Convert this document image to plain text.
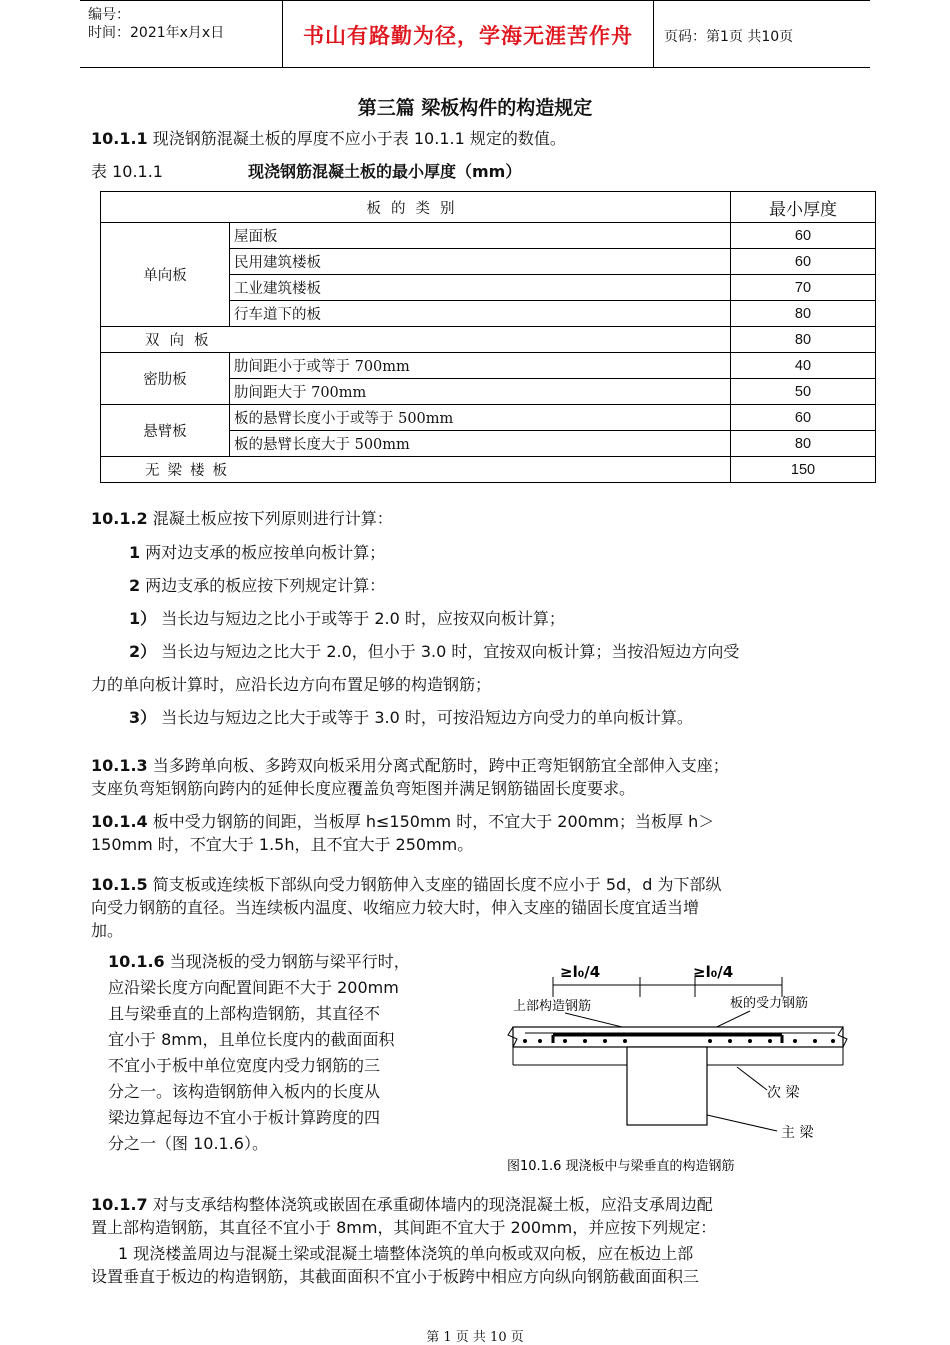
编号：
时间：2021年x月x日	书山有路勤为径，学海无涯苦作舟	页码：第1页 共10页
第三篇 梁板构件的构造规定
10.1.1 现浇钢筋混凝土板的厚度不应小于表 10.1.1 规定的数值。
表 10.1.1	现浇钢筋混凝土板的最小厚度（mm）
板的类别		最小厚度
单向板	屋面板	60
	民用建筑楼板	60
	工业建筑楼板	70
	行车道下的板	80
双向板		80
密肋板	肋间距小于或等于 700mm	40
	肋间距大于 700mm	50
悬臂板	板的悬臂长度小于或等于 500mm	60
	板的悬臂长度大于 500mm	80
无梁楼板		150
10.1.2 混凝土板应按下列原则进行计算：
1 两对边支承的板应按单向板计算；
2 两边支承的板应按下列规定计算：
1） 当长边与短边之比小于或等于 2.0 时，应按双向板计算；
2） 当长边与短边之比大于 2.0，但小于 3.0 时，宜按双向板计算；当按沿短边方向受
力的单向板计算时，应沿长边方向布置足够的构造钢筋；
3） 当长边与短边之比大于或等于 3.0 时，可按沿短边方向受力的单向板计算。
10.1.3 当多跨单向板、多跨双向板采用分离式配筋时，跨中正弯矩钢筋宜全部伸入支座；
支座负弯矩钢筋向跨内的延伸长度应覆盖负弯矩图并满足钢筋锚固长度要求。
10.1.4 板中受力钢筋的间距，当板厚 h≤150mm 时，不宜大于 200mm；当板厚 h＞
150mm 时，不宜大于 1.5h，且不宜大于 250mm。
10.1.5 简支板或连续板下部纵向受力钢筋伸入支座的锚固长度不应小于 5d，d 为下部纵
向受力钢筋的直径。当连续板内温度、收缩应力较大时，伸入支座的锚固长度宜适当增
加。
10.1.6 当现浇板的受力钢筋与梁平行时，
应沿梁长度方向配置间距不大于 200mm
且与梁垂直的上部构造钢筋，其直径不
宜小于 8mm，且单位长度内的截面面积
不宜小于板中单位宽度内受力钢筋的三
分之一。该构造钢筋伸入板内的长度从
梁边算起每边不宜小于板计算跨度的四
分之一（图 10.1.6）。
≥l₀/4	≥l₀/4
上部构造钢筋	板的受力钢筋
次 梁
主 梁
图10.1.6 现浇板中与梁垂直的构造钢筋
10.1.7 对与支承结构整体浇筑或嵌固在承重砌体墙内的现浇混凝土板，应沿支承周边配
置上部构造钢筋，其直径不宜小于 8mm，其间距不宜大于 200mm，并应按下列规定：
1 现浇楼盖周边与混凝土梁或混凝土墙整体浇筑的单向板或双向板，应在板边上部
设置垂直于板边的构造钢筋，其截面面积不宜小于板跨中相应方向纵向钢筋截面面积三
第 1 页 共 10 页
